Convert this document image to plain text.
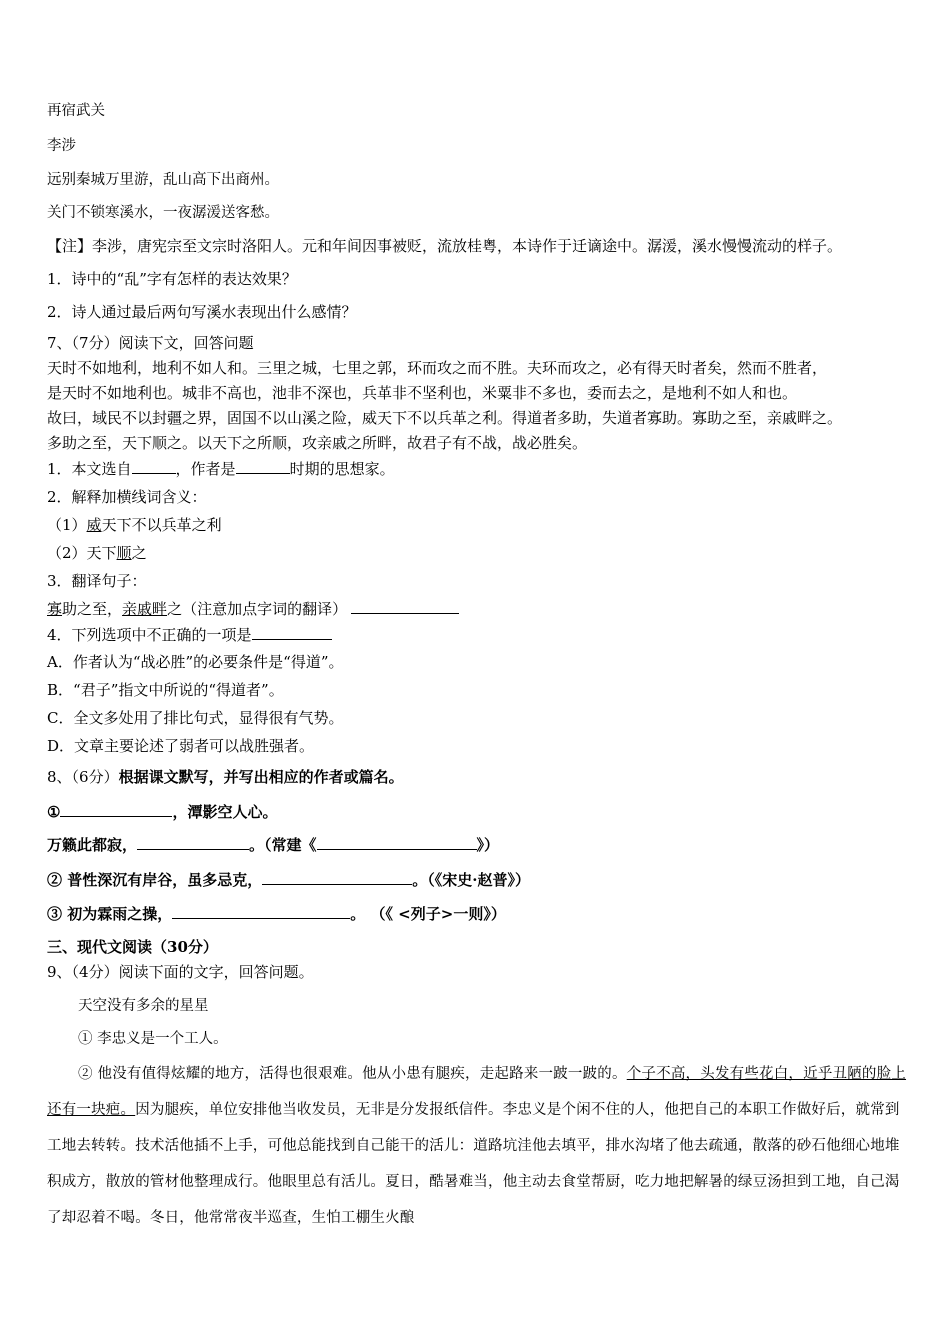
再宿武关
李涉
远别秦城万里游，乱山高下出商州。
关门不锁寒溪水，一夜潺湲送客愁。
【注】李涉，唐宪宗至文宗时洛阳人。元和年间因事被贬，流放桂粤，本诗作于迁谪途中。潺湲，溪水慢慢流动的样子。
1．诗中的“乱”字有怎样的表达效果？
2．诗人通过最后两句写溪水表现出什么感情？
7、（7分）阅读下文，回答问题
天时不如地利，地利不如人和。三里之城，七里之郭，环而攻之而不胜。夫环而攻之，必有得天时者矣，然而不胜者，
是天时不如地利也。城非不高也，池非不深也，兵革非不坚利也，米粟非不多也，委而去之，是地利不如人和也。
故曰，域民不以封疆之界，固国不以山溪之险，威天下不以兵革之利。得道者多助，失道者寡助。寡助之至，亲戚畔之。
多助之至，天下顺之。以天下之所顺，攻亲戚之所畔，故君子有不战，战必胜矣。
1．本文选自	，作者是	时期的思想家。
2．解释加横线词含义：
（1）威天下不以兵革之利
（2）天下顺之
3．翻译句子：
寡助之至，亲戚畔之（注意加点字词的翻译）
4．下列选项中不正确的一项是
A．作者认为“战必胜”的必要条件是“得道”。
B．“君子”指文中所说的“得道者”。
C．全文多处用了排比句式，显得很有气势。
D．文章主要论述了弱者可以战胜强者。
8、（6分）根据课文默写，并写出相应的作者或篇名。
①	，潭影空人心。
万籁此都寂，	。（常建《	》）
② 普性深沉有岸谷，虽多忌克，	。（《宋史·赵普》）
③ 初为霖雨之操，	。 （《 <列子>一则》）
三、现代文阅读（30分）
9、（4分）阅读下面的文字，回答问题。
天空没有多余的星星
① 李忠义是一个工人。
② 他没有值得炫耀的地方，活得也很艰难。他从小患有腿疾，走起路来一跛一跛的。个子不高，头发有些花白，近乎丑陋的脸上还有一块疤。因为腿疾，单位安排他当收发员，无非是分发报纸信件。李忠义是个闲不住的人，他把自己的本职工作做好后，就常到工地去转转。技术活他插不上手，可他总能找到自己能干的活儿：道路坑洼他去填平，排水沟堵了他去疏通，散落的砂石他细心地堆积成方，散放的管材他整理成行。他眼里总有活儿。夏日，酷暑难当，他主动去食堂帮厨，吃力地把解暑的绿豆汤担到工地，自己渴了却忍着不喝。冬日，他常常夜半巡查，生怕工棚生火酿
